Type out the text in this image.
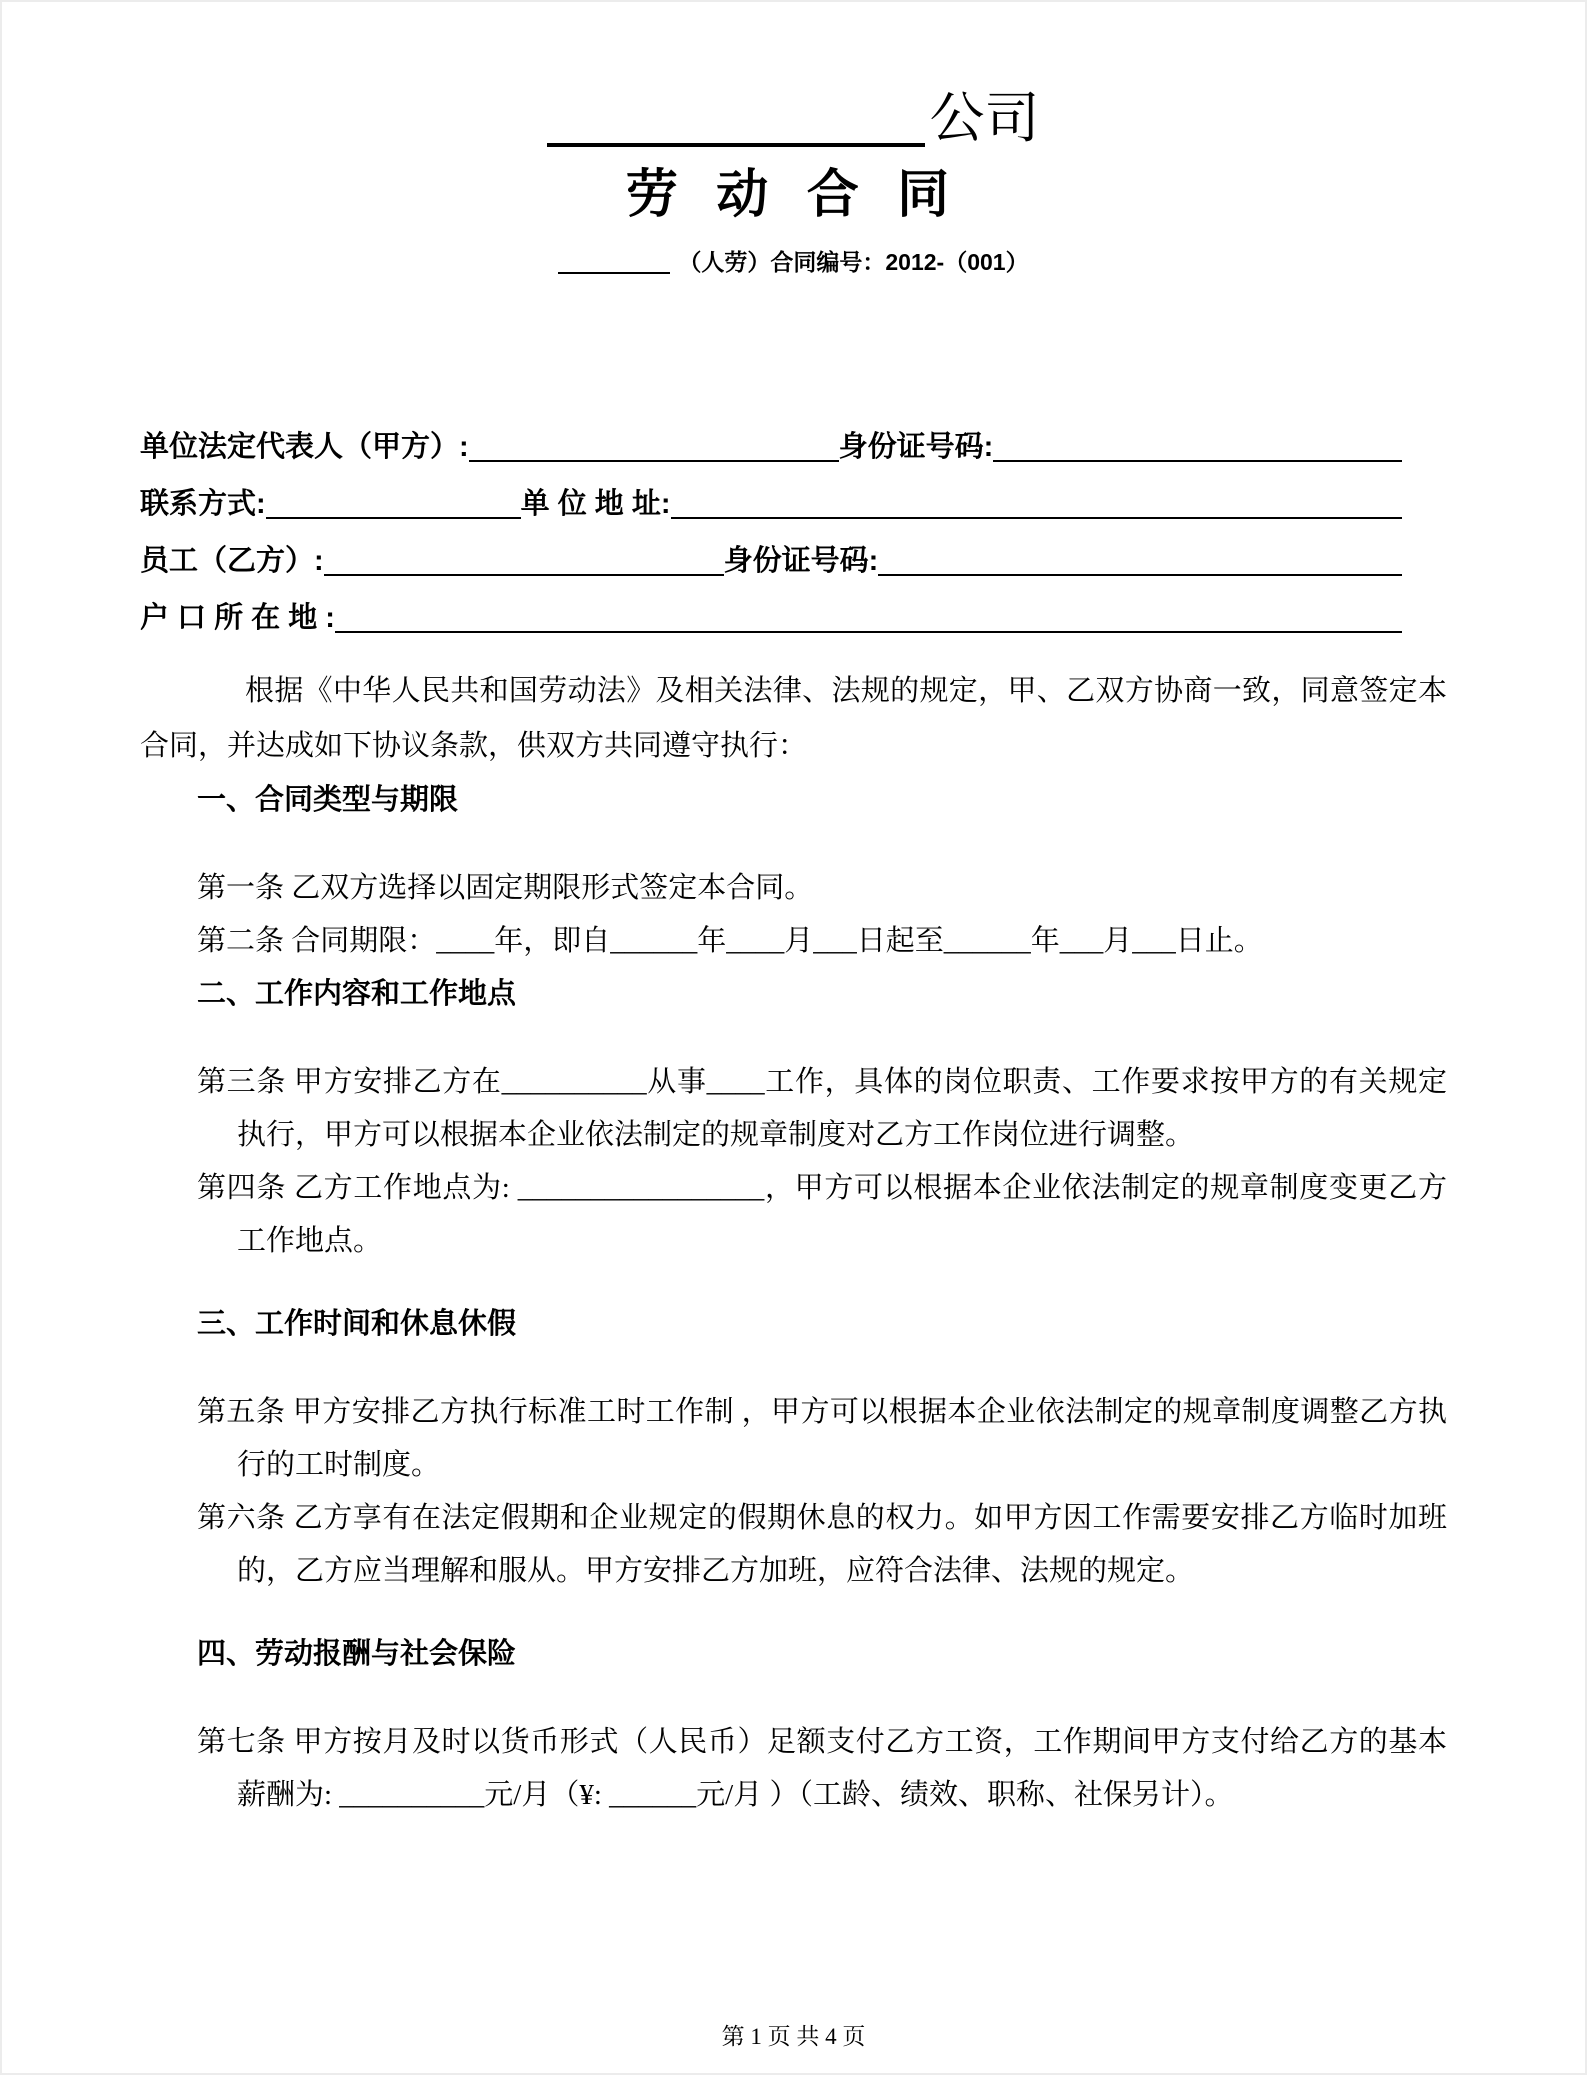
公司
劳 动 合 同
（人劳）合同编号：2012-（001）
单位法定代表人（甲方）:	身份证号码:
联系方式:	单 位 地 址:
员工（乙方）:	身份证号码:
户 口 所 在 地 :

根据《中华人民共和国劳动法》及相关法律、法规的规定，甲、乙双方协商一致，同意签定本合同，并达成如下协议条款，供双方共同遵守执行：

一、合同类型与期限

第一条 乙双方选择以固定期限形式签定本合同。

第二条 合同期限：____年，即自______年____月___日起至______年___月___日止。

二、工作内容和工作地点

第三条 甲方安排乙方在__________从事____工作，具体的岗位职责、工作要求按甲方的有关规定执行，甲方可以根据本企业依法制定的规章制度对乙方工作岗位进行调整。

第四条 乙方工作地点为: _________________，甲方可以根据本企业依法制定的规章制度变更乙方工作地点。

三、工作时间和休息休假

第五条 甲方安排乙方执行标准工时工作制 ，甲方可以根据本企业依法制定的规章制度调整乙方执行的工时制度。

第六条 乙方享有在法定假期和企业规定的假期休息的权力。如甲方因工作需要安排乙方临时加班的，乙方应当理解和服从。甲方安排乙方加班，应符合法律、法规的规定。

四、劳动报酬与社会保险

第七条 甲方按月及时以货币形式（人民币）足额支付乙方工资，工作期间甲方支付给乙方的基本薪酬为: __________元/月（¥: ______元/月 ）（工龄、绩效、职称、社保另计）。

第 1 页 共 4 页
